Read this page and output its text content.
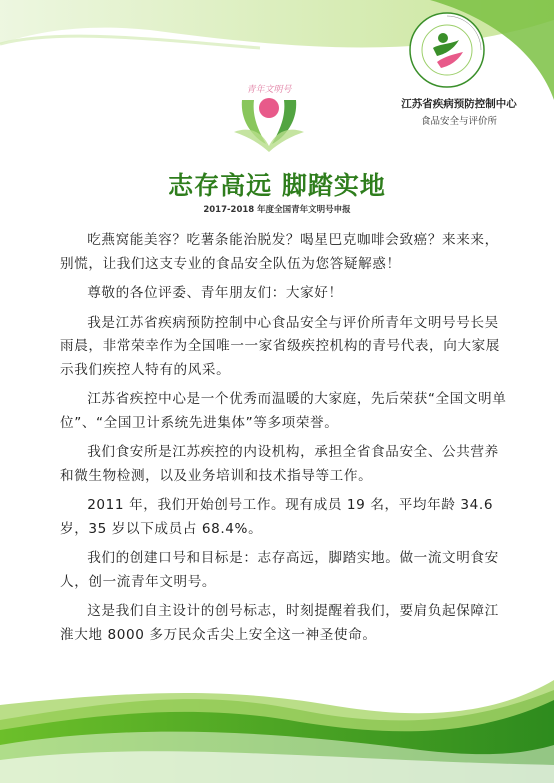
青年文明号
江苏省疾病预防控制中心
食品安全与评价所
志存高远 脚踏实地
2017-2018 年度全国青年文明号申报

吃燕窝能美容？吃薯条能治脱发？喝星巴克咖啡会致癌？来来来，别慌，让我们这支专业的食品安全队伍为您答疑解惑！

尊敬的各位评委、青年朋友们：大家好！

我是江苏省疾病预防控制中心食品安全与评价所青年文明号号长吴雨晨，非常荣幸作为全国唯一一家省级疾控机构的青号代表，向大家展示我们疾控人特有的风采。

江苏省疾控中心是一个优秀而温暖的大家庭，先后荣获“全国文明单位”、“全国卫计系统先进集体”等多项荣誉。

我们食安所是江苏疾控的内设机构，承担全省食品安全、公共营养和微生物检测，以及业务培训和技术指导等工作。

2011 年，我们开始创号工作。现有成员 19 名，平均年龄 34.6 岁，35 岁以下成员占 68.4%。

我们的创建口号和目标是：志存高远，脚踏实地。做一流文明食安人，创一流青年文明号。

这是我们自主设计的创号标志，时刻提醒着我们，要肩负起保障江淮大地 8000 多万民众舌尖上安全这一神圣使命。
